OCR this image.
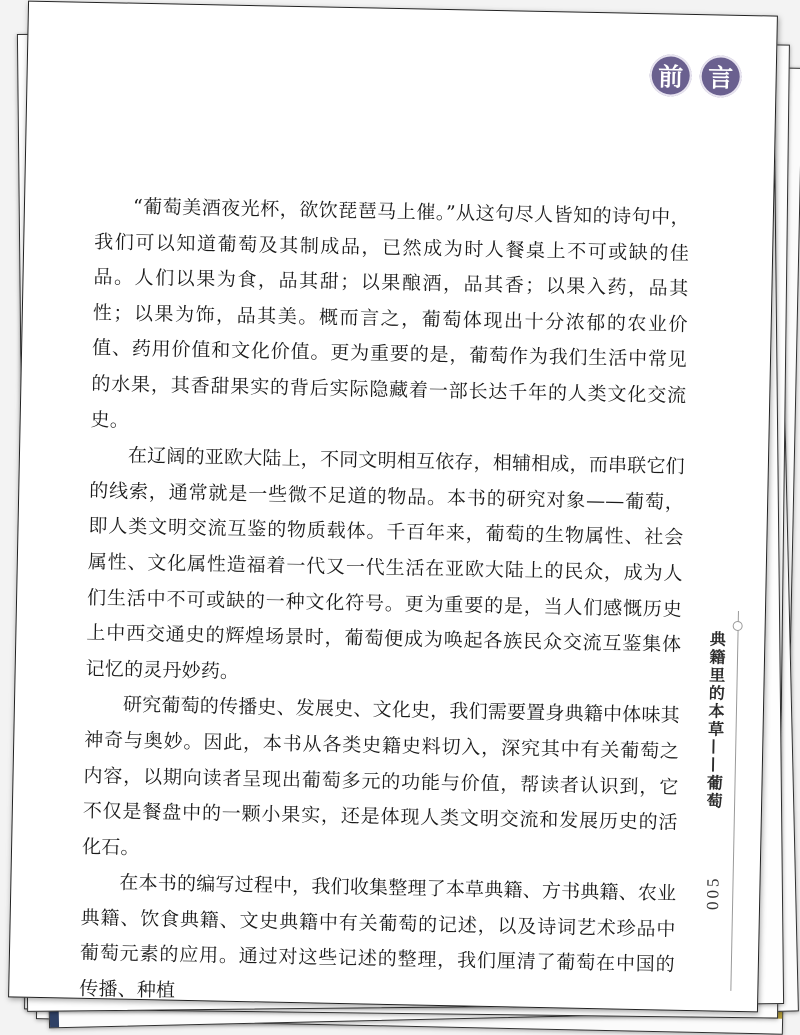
前 言

“葡萄美酒夜光杯，欲饮琵琶马上催。”从这句尽人皆知的诗句中，我们可以知道葡萄及其制成品，已然成为时人餐桌上不可或缺的佳品。人们以果为食，品其甜；以果酿酒，品其香；以果入药，品其性；以果为饰，品其美。概而言之，葡萄体现出十分浓郁的农业价值、药用价值和文化价值。更为重要的是，葡萄作为我们生活中常见的水果，其香甜果实的背后实际隐藏着一部长达千年的人类文化交流史。

在辽阔的亚欧大陆上，不同文明相互依存，相辅相成，而串联它们的线索，通常就是一些微不足道的物品。本书的研究对象——葡萄，即人类文明交流互鉴的物质载体。千百年来，葡萄的生物属性、社会属性、文化属性造福着一代又一代生活在亚欧大陆上的民众，成为人们生活中不可或缺的一种文化符号。更为重要的是，当人们感慨历史上中西交通史的辉煌场景时，葡萄便成为唤起各族民众交流互鉴集体记忆的灵丹妙药。

研究葡萄的传播史、发展史、文化史，我们需要置身典籍中体味其神奇与奥妙。因此，本书从各类史籍史料切入，深究其中有关葡萄之内容，以期向读者呈现出葡萄多元的功能与价值，帮读者认识到，它不仅是餐盘中的一颗小果实，还是体现人类文明交流和发展历史的活化石。

在本书的编写过程中，我们收集整理了本草典籍、方书典籍、农业典籍、饮食典籍、文史典籍中有关葡萄的记述，以及诗词艺术珍品中葡萄元素的应用。通过对这些记述的整理，我们厘清了葡萄在中国的传播、种植

典籍里的本草——葡萄
005
